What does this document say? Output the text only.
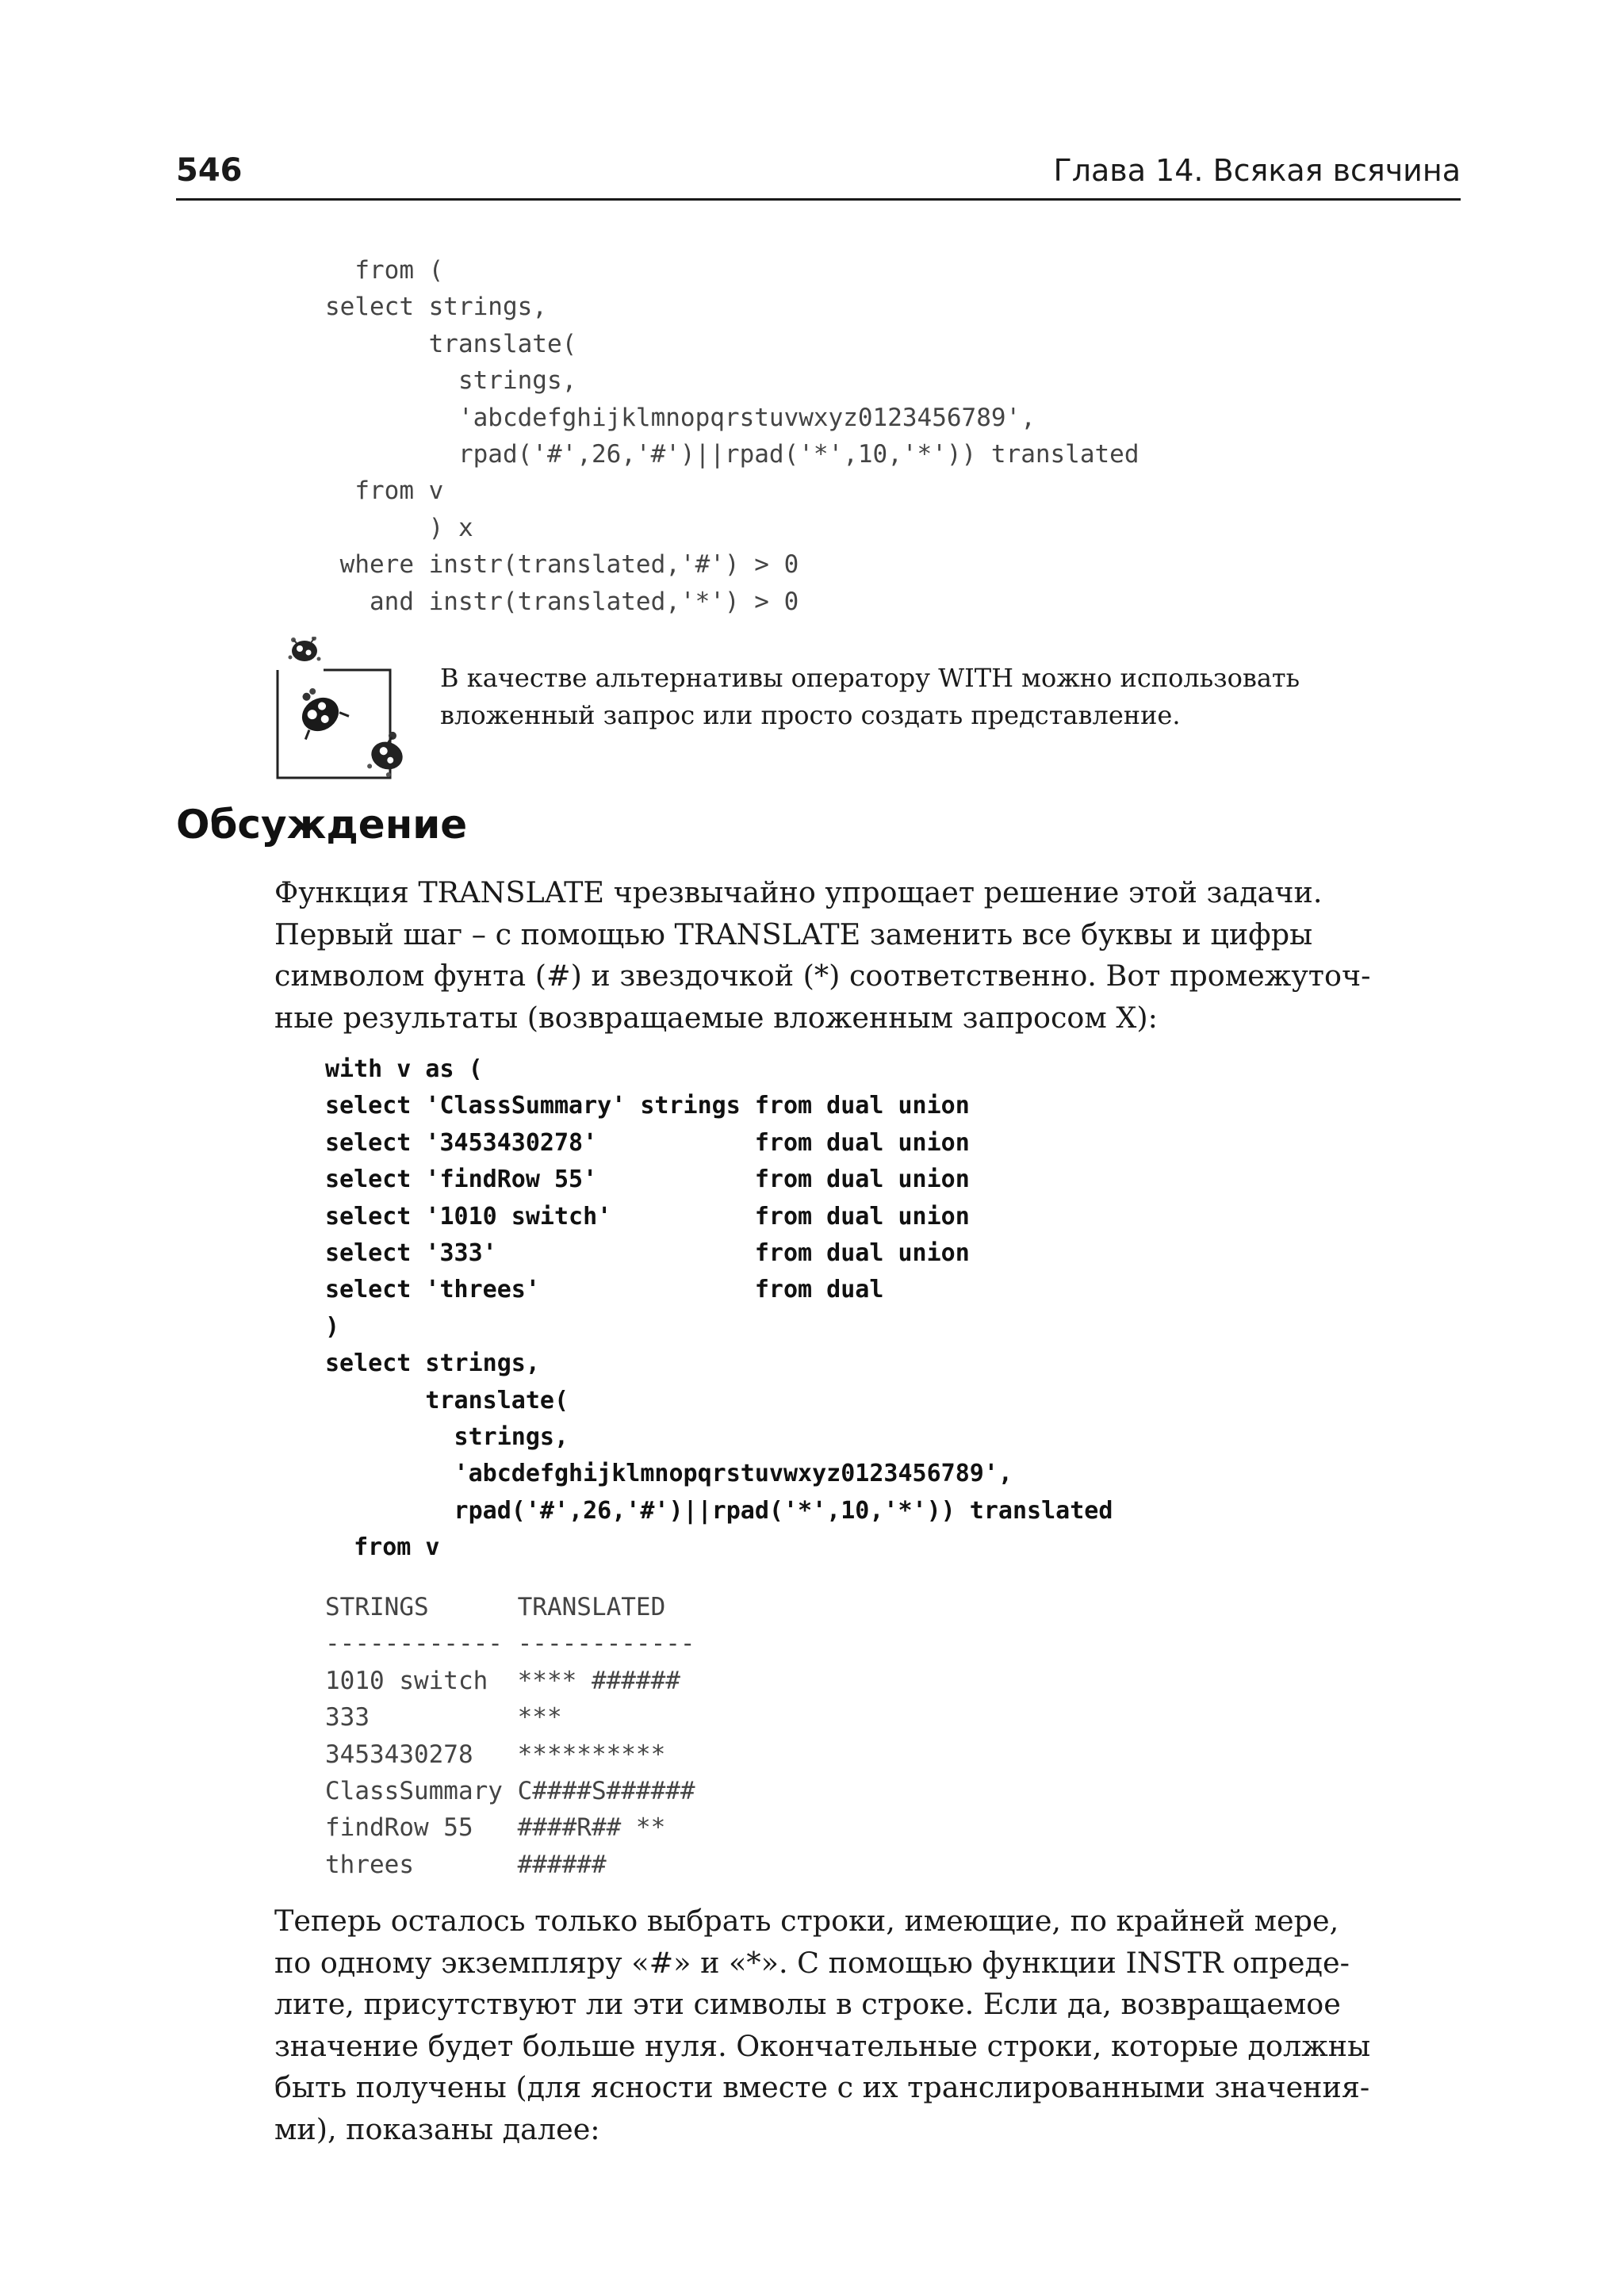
546	Глава 14. Всякая всячина
from (
select strings,
translate(
strings,
'abcdefghijklmnopqrstuvwxyz0123456789',
rpad('#',26,'#')||rpad('*',10,'*')) translated
from v
) x
where instr(translated,'#') > 0
and instr(translated,'*') > 0
В качестве альтернативы оператору WITH можно использовать
вложенный запрос или просто создать представление.
Обсуждение

Функция TRANSLATE чрезвычайно упрощает решение этой задачи.
Первый шаг – с помощью TRANSLATE заменить все буквы и цифры
символом фунта (#) и звездочкой (*) соответственно. Вот промежуточ-
ные результаты (возвращаемые вложенным запросом X):

with v as (
select 'ClassSummary' strings from dual union
select '3453430278'           from dual union
select 'findRow 55'           from dual union
select '1010 switch'          from dual union
select '333'                  from dual union
select 'threes'               from dual
)
select strings,
translate(
strings,
'abcdefghijklmnopqrstuvwxyz0123456789',
rpad('#',26,'#')||rpad('*',10,'*')) translated
from v
STRINGS      TRANSLATED
------------ ------------
1010 switch  **** ######
333          ***
3453430278   **********
ClassSummary C####S######
findRow 55   ####R## **
threes       ######

Теперь осталось только выбрать строки, имеющие, по крайней мере,
по одному экземпляру «#» и «*». С помощью функции INSTR опреде-
лите, присутствуют ли эти символы в строке. Если да, возвращаемое
значение будет больше нуля. Окончательные строки, которые должны
быть получены (для ясности вместе с их транслированными значения-
ми), показаны далее:
